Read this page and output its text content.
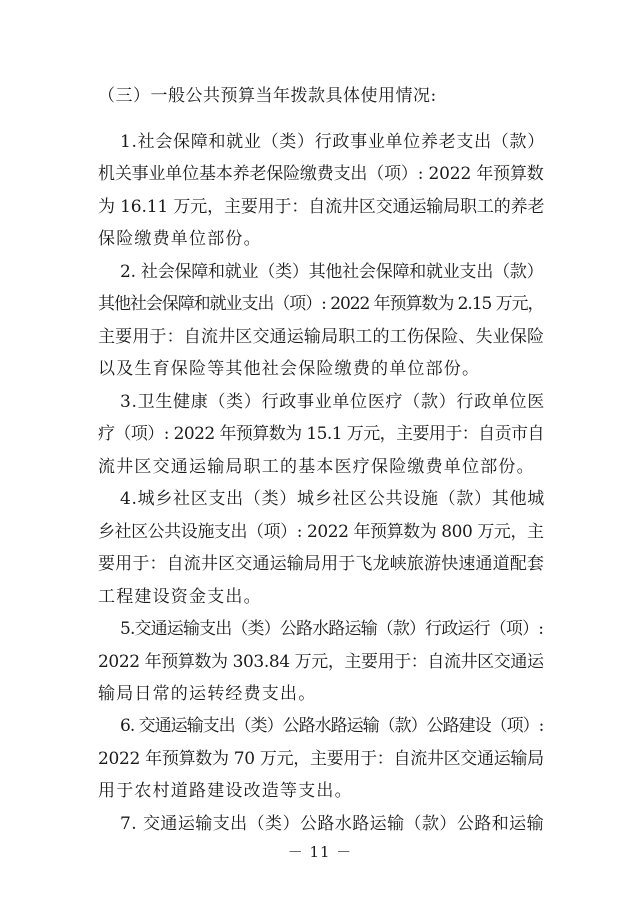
（三）一般公共预算当年拨款具体使用情况:
1.社会保障和就业（类）行政事业单位养老支出（款）
机关事业单位基本养老保险缴费支出（项）: 2022 年预算数
为 16.11 万元，主要用于：自流井区交通运输局职工的养老
保险缴费单位部份。
2. 社会保障和就业（类）其他社会保障和就业支出（款）
其他社会保障和就业支出（项）: 2022 年预算数为 2.15 万元，
主要用于：自流井区交通运输局职工的工伤保险、失业保险
以及生育保险等其他社会保险缴费的单位部份。
3.卫生健康（类）行政事业单位医疗（款）行政单位医
疗（项）: 2022 年预算数为 15.1 万元，主要用于：自贡市自
流井区交通运输局职工的基本医疗保险缴费单位部份。
4.城乡社区支出（类）城乡社区公共设施（款）其他城
乡社区公共设施支出（项）: 2022 年预算数为 800 万元，主
要用于：自流井区交通运输局用于飞龙峡旅游快速通道配套
工程建设资金支出。
5.交通运输支出（类）公路水路运输（款）行政运行（项）:
2022 年预算数为 303.84 万元，主要用于：自流井区交通运
输局日常的运转经费支出。
6. 交通运输支出（类）公路水路运输（款）公路建设（项）:
2022 年预算数为 70 万元，主要用于：自流井区交通运输局
用于农村道路建设改造等支出。
7. 交通运输支出（类）公路水路运输（款）公路和运输
－ 11 －
